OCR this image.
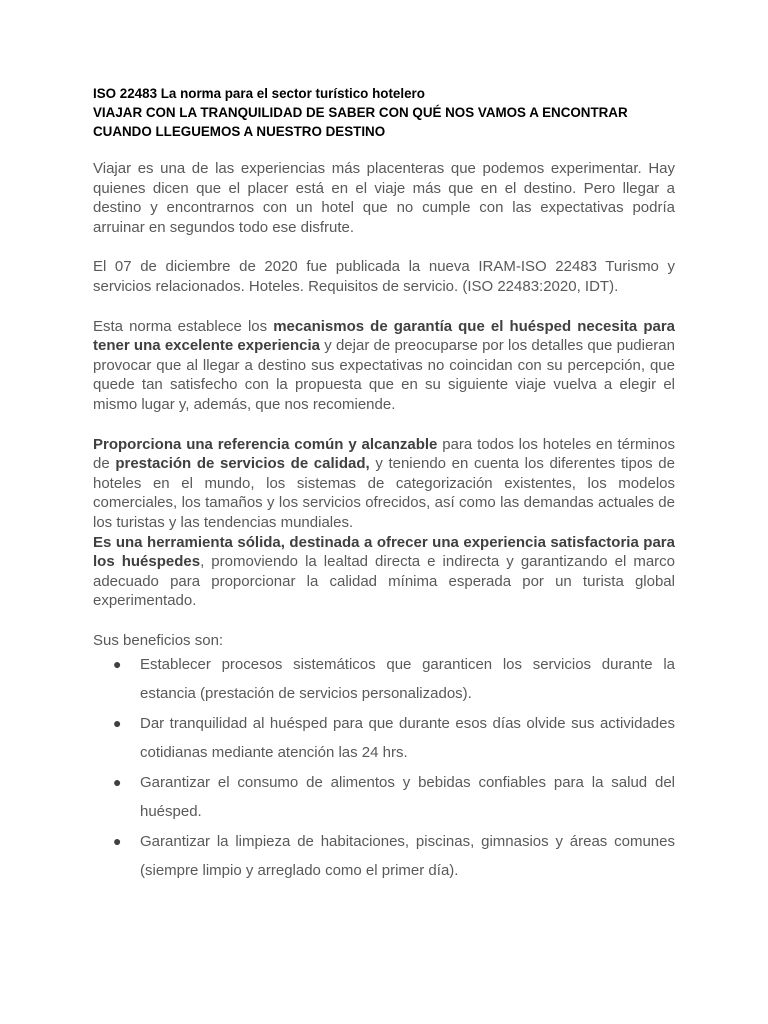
ISO 22483 La norma para el sector turístico hotelero

VIAJAR CON LA TRANQUILIDAD DE SABER CON QUÉ NOS VAMOS A ENCONTRAR CUANDO LLEGUEMOS A NUESTRO DESTINO

Viajar es una de las experiencias más placenteras que podemos experimentar. Hay quienes dicen que el placer está en el viaje más que en el destino. Pero llegar a destino y encontrarnos con un hotel que no cumple con las expectativas podría arruinar en segundos todo ese disfrute.

El 07 de diciembre de 2020 fue publicada la nueva IRAM-ISO 22483 Turismo y servicios relacionados. Hoteles. Requisitos de servicio. (ISO 22483:2020, IDT).

Esta norma establece los mecanismos de garantía que el huésped necesita para tener una excelente experiencia y dejar de preocuparse por los detalles que pudieran provocar que al llegar a destino sus expectativas no coincidan con su percepción, que quede tan satisfecho con la propuesta que en su siguiente viaje vuelva a elegir el mismo lugar y, además, que nos recomiende.

Proporciona una referencia común y alcanzable para todos los hoteles en términos de prestación de servicios de calidad, y teniendo en cuenta los diferentes tipos de hoteles en el mundo, los sistemas de categorización existentes, los modelos comerciales, los tamaños y los servicios ofrecidos, así como las demandas actuales de los turistas y las tendencias mundiales.

Es una herramienta sólida, destinada a ofrecer una experiencia satisfactoria para los huéspedes, promoviendo la lealtad directa e indirecta y garantizando el marco adecuado para proporcionar la calidad mínima esperada por un turista global experimentado.

Sus beneficios son:

● Establecer procesos sistemáticos que garanticen los servicios durante la estancia (prestación de servicios personalizados).
● Dar tranquilidad al huésped para que durante esos días olvide sus actividades cotidianas mediante atención las 24 hrs.
● Garantizar el consumo de alimentos y bebidas confiables para la salud del huésped.
● Garantizar la limpieza de habitaciones, piscinas, gimnasios y áreas comunes (siempre limpio y arreglado como el primer día).
